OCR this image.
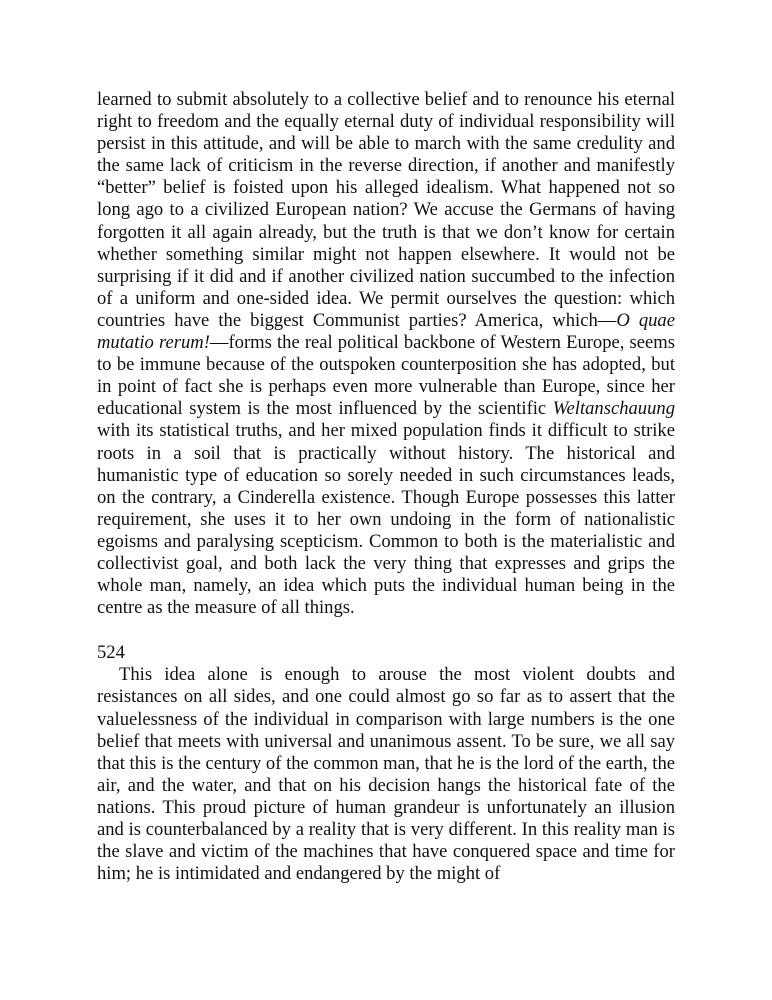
learned to submit absolutely to a collective belief and to renounce his eternal right to freedom and the equally eternal duty of individual responsibility will persist in this attitude, and will be able to march with the same credulity and the same lack of criticism in the reverse direction, if another and manifestly “better” belief is foisted upon his alleged idealism. What happened not so long ago to a civilized European nation? We accuse the Germans of having forgotten it all again already, but the truth is that we don’t know for certain whether something similar might not happen elsewhere. It would not be surprising if it did and if another civilized nation succumbed to the infection of a uniform and one-sided idea. We permit ourselves the question: which countries have the biggest Communist parties? America, which—O quae mutatio rerum!—forms the real political backbone of Western Europe, seems to be immune because of the outspoken counterposition she has adopted, but in point of fact she is perhaps even more vulnerable than Europe, since her educational system is the most influenced by the scientific Weltanschauung with its statistical truths, and her mixed population finds it difficult to strike roots in a soil that is practically without history. The historical and humanistic type of education so sorely needed in such circumstances leads, on the contrary, a Cinderella existence. Though Europe possesses this latter requirement, she uses it to her own undoing in the form of nationalistic egoisms and paralysing scepticism. Common to both is the materialistic and collectivist goal, and both lack the very thing that expresses and grips the whole man, namely, an idea which puts the individual human being in the centre as the measure of all things.

524

This idea alone is enough to arouse the most violent doubts and resistances on all sides, and one could almost go so far as to assert that the valuelessness of the individual in comparison with large numbers is the one belief that meets with universal and unanimous assent. To be sure, we all say that this is the century of the common man, that he is the lord of the earth, the air, and the water, and that on his decision hangs the historical fate of the nations. This proud picture of human grandeur is unfortunately an illusion and is counterbalanced by a reality that is very different. In this reality man is the slave and victim of the machines that have conquered space and time for him; he is intimidated and endangered by the might of
